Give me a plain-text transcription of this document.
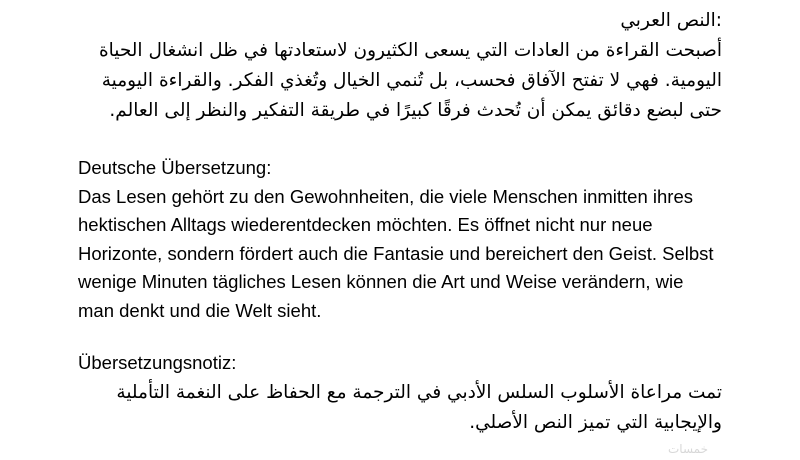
:النص العربي
أصبحت القراءة من العادات التي يسعى الكثيرون لاستعادتها في ظل انشغال الحياة اليومية. فهي لا تفتح الآفاق فحسب، بل تُنمي الخيال وتُغذي الفكر. والقراءة اليومية حتى لبضع دقائق يمكن أن تُحدث فرقًا كبيرًا في طريقة التفكير والنظر إلى العالم.
Deutsche Übersetzung:
Das Lesen gehört zu den Gewohnheiten, die viele Menschen inmitten ihres hektischen Alltags wiederentdecken möchten. Es öffnet nicht nur neue Horizonte, sondern fördert auch die Fantasie und bereichert den Geist. Selbst wenige Minuten tägliches Lesen können die Art und Weise verändern, wie man denkt und die Welt sieht.
Übersetzungsnotiz:
تمت مراعاة الأسلوب السلس الأدبي في الترجمة مع الحفاظ على النغمة التأملية والإيجابية التي تميز النص الأصلي.
خمسات
